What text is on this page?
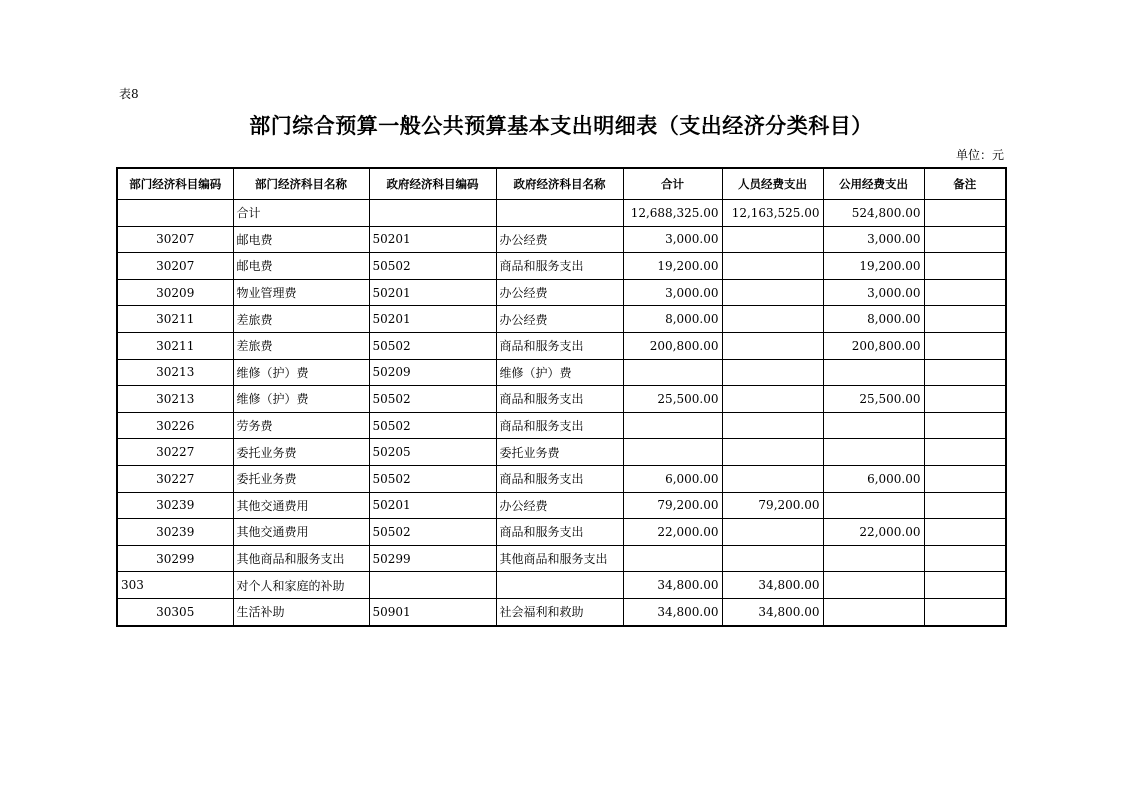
表8
部门综合预算一般公共预算基本支出明细表（支出经济分类科目）
单位：元
部门经济科目编码	部门经济科目名称	政府经济科目编码	政府经济科目名称	合计	人员经费支出	公用经费支出	备注
	合计			12,688,325.00	12,163,525.00	524,800.00	
30207	邮电费	50201	办公经费	3,000.00		3,000.00	
30207	邮电费	50502	商品和服务支出	19,200.00		19,200.00	
30209	物业管理费	50201	办公经费	3,000.00		3,000.00	
30211	差旅费	50201	办公经费	8,000.00		8,000.00	
30211	差旅费	50502	商品和服务支出	200,800.00		200,800.00	
30213	维修（护）费	50209	维修（护）费				
30213	维修（护）费	50502	商品和服务支出	25,500.00		25,500.00	
30226	劳务费	50502	商品和服务支出				
30227	委托业务费	50205	委托业务费				
30227	委托业务费	50502	商品和服务支出	6,000.00		6,000.00	
30239	其他交通费用	50201	办公经费	79,200.00	79,200.00		
30239	其他交通费用	50502	商品和服务支出	22,000.00		22,000.00	
30299	其他商品和服务支出	50299	其他商品和服务支出				
303	对个人和家庭的补助			34,800.00	34,800.00		
30305	生活补助	50901	社会福利和救助	34,800.00	34,800.00		
